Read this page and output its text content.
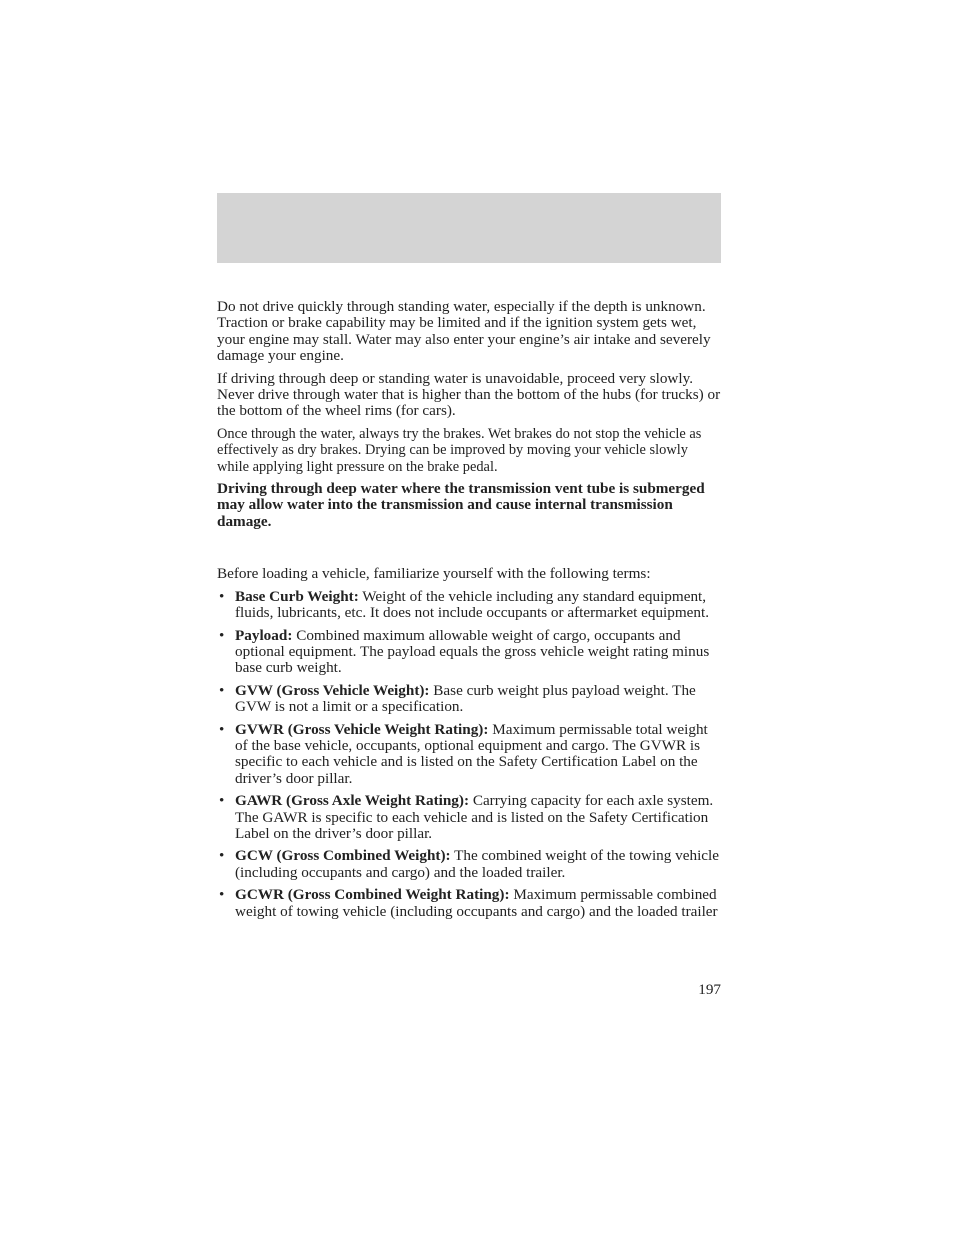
Do not drive quickly through standing water, especially if the depth is unknown. Traction or brake capability may be limited and if the ignition system gets wet, your engine may stall. Water may also enter your engine’s air intake and severely damage your engine.

If driving through deep or standing water is unavoidable, proceed very slowly. Never drive through water that is higher than the bottom of the hubs (for trucks) or the bottom of the wheel rims (for cars).

Once through the water, always try the brakes. Wet brakes do not stop the vehicle as effectively as dry brakes. Drying can be improved by moving your vehicle slowly while applying light pressure on the brake pedal.

Driving through deep water where the transmission vent tube is submerged may allow water into the transmission and cause internal transmission damage.

Before loading a vehicle, familiarize yourself with the following terms:

• Base Curb Weight: Weight of the vehicle including any standard equipment, fluids, lubricants, etc. It does not include occupants or aftermarket equipment.
• Payload: Combined maximum allowable weight of cargo, occupants and optional equipment. The payload equals the gross vehicle weight rating minus base curb weight.
• GVW (Gross Vehicle Weight): Base curb weight plus payload weight. The GVW is not a limit or a specification.
• GVWR (Gross Vehicle Weight Rating): Maximum permissable total weight of the base vehicle, occupants, optional equipment and cargo. The GVWR is specific to each vehicle and is listed on the Safety Certification Label on the driver’s door pillar.
• GAWR (Gross Axle Weight Rating): Carrying capacity for each axle system. The GAWR is specific to each vehicle and is listed on the Safety Certification Label on the driver’s door pillar.
• GCW (Gross Combined Weight): The combined weight of the towing vehicle (including occupants and cargo) and the loaded trailer.
• GCWR (Gross Combined Weight Rating): Maximum permissable combined weight of towing vehicle (including occupants and cargo) and the loaded trailer
197
